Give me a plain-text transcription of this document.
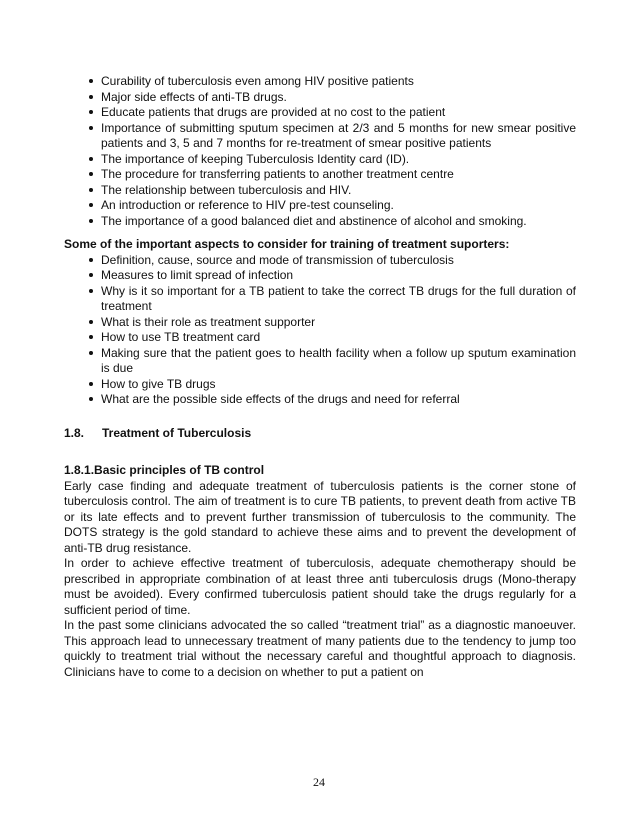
Curability of tuberculosis even among HIV positive patients
Major side effects of anti-TB drugs.
Educate patients that drugs are provided at no cost to the patient
Importance of submitting sputum specimen at 2/3 and 5 months for new smear positive patients and 3, 5 and 7 months for re-treatment of smear positive patients
The importance of keeping Tuberculosis Identity card (ID).
The procedure for transferring patients to another treatment centre
The relationship between tuberculosis and HIV.
An introduction or reference to HIV pre-test counseling.
The importance of a good balanced diet and abstinence of alcohol and smoking.
Some of the important aspects to consider for training of treatment suporters:
Definition, cause, source and mode of transmission of tuberculosis
Measures to limit spread of infection
Why is it so important for a TB patient to take the correct TB drugs for the full duration of treatment
What is their role as treatment supporter
How to use TB treatment card
Making sure that the patient goes to health facility when a follow up sputum examination is due
How to give TB drugs
What are the possible side effects of the drugs and need for referral
1.8.	Treatment of Tuberculosis
1.8.1. Basic principles of TB control

Early case finding and adequate treatment of tuberculosis patients is the corner stone of tuberculosis control. The aim of treatment is to cure TB patients, to prevent death from active TB or its late effects and to prevent further transmission of tuberculosis to the community. The DOTS strategy is the gold standard to achieve these aims and to prevent the development of anti-TB drug resistance.

In order to achieve effective treatment of tuberculosis, adequate chemotherapy should be prescribed in appropriate combination of at least three anti tuberculosis drugs (Mono-therapy must be avoided). Every confirmed tuberculosis patient should take the drugs regularly for a sufficient period of time.

In the past some clinicians advocated the so called “treatment trial” as a diagnostic manoeuver. This approach lead to unnecessary treatment of many patients due to the tendency to jump too quickly to treatment trial without the necessary careful and thoughtful approach to diagnosis. Clinicians have to come to a decision on whether to put a patient on

24
